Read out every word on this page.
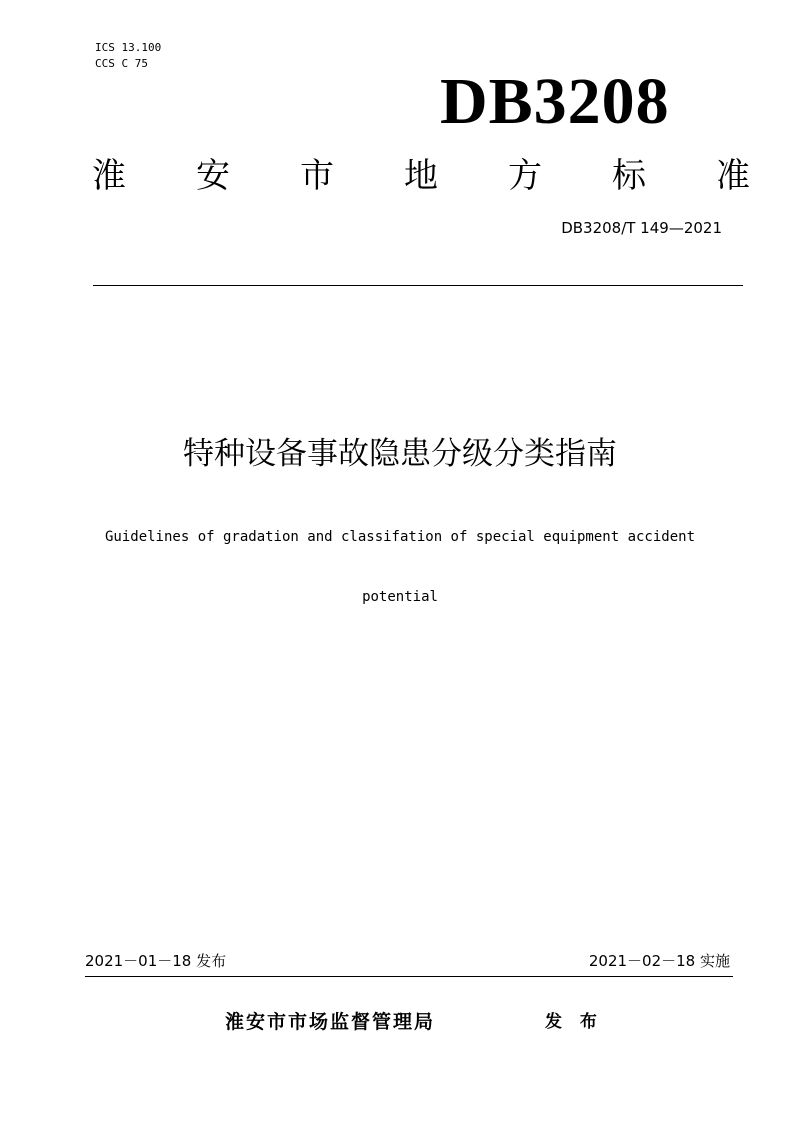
ICS 13.100
CCS C 75
DB3208
淮 安 市 地 方 标 准
DB3208/T 149—2021
特种设备事故隐患分级分类指南
Guidelines of gradation and classifation of special equipment accident
potential
2021－01－18 发布	2021－02－18 实施
淮安市市场监督管理局	发 布
